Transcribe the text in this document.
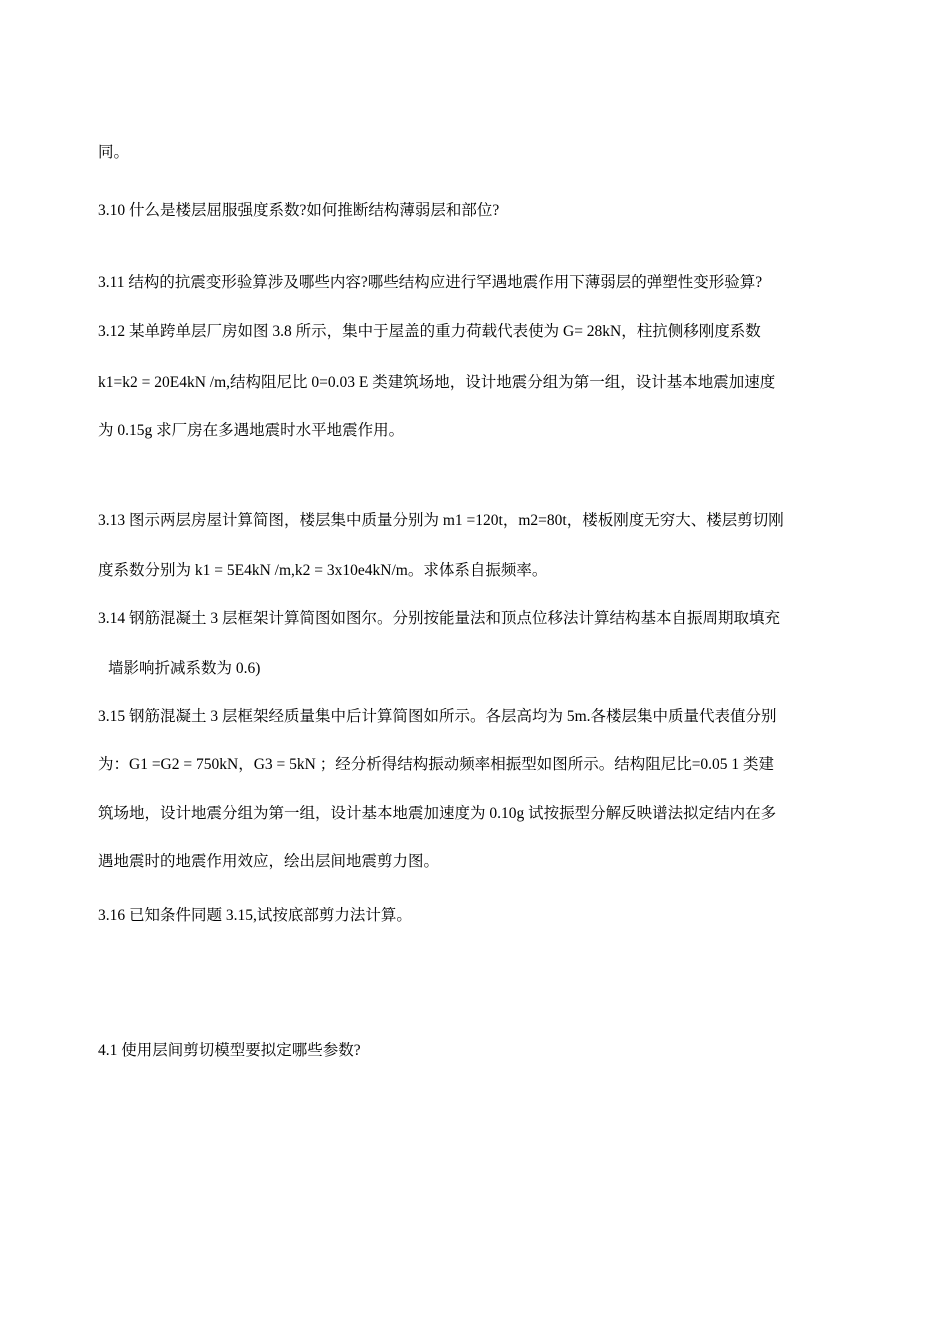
同。
3.10 什么是楼层屈服强度系数?如何推断结构薄弱层和部位?
3.11 结构的抗震变形验算涉及哪些内容?哪些结构应进行罕遇地震作用下薄弱层的弹塑性变形验算?
3.12 某单跨单层厂房如图 3.8 所示，集中于屋盖的重力荷载代表使为 G= 28kN，柱抗侧移刚度系数
k1=k2 = 20E4kN /m,结构阻尼比 0=0.03 E 类建筑场地，设计地震分组为第一组，设计基本地震加速度
为 0.15g 求厂房在多遇地震时水平地震作用。
3.13 图示两层房屋计算简图，楼层集中质量分别为 m1 =120t，m2=80t，楼板刚度无穷大、楼层剪切刚
度系数分别为 k1 = 5E4kN /m,k2 = 3x10e4kN/m。求体系自振频率。
3.14 钢筋混凝土 3 层框架计算简图如图尔。分别按能量法和顶点位移法计算结构基本自振周期取填充
墙影响折减系数为 0.6)
3.15 钢筋混凝土 3 层框架经质量集中后计算简图如所示。各层高均为 5m.各楼层集中质量代表值分别
为：G1 =G2 = 750kN，G3 = 5kN ；经分析得结构振动频率相振型如图所示。结构阻尼比=0.05 1 类建
筑场地，设计地震分组为第一组，设计基本地震加速度为 0.10g 试按振型分解反映谱法拟定结内在多
遇地震时的地震作用效应，绘出层间地震剪力图。
3.16 已知条件同题 3.15,试按底部剪力法计算。
4.1 使用层间剪切模型要拟定哪些参数?
